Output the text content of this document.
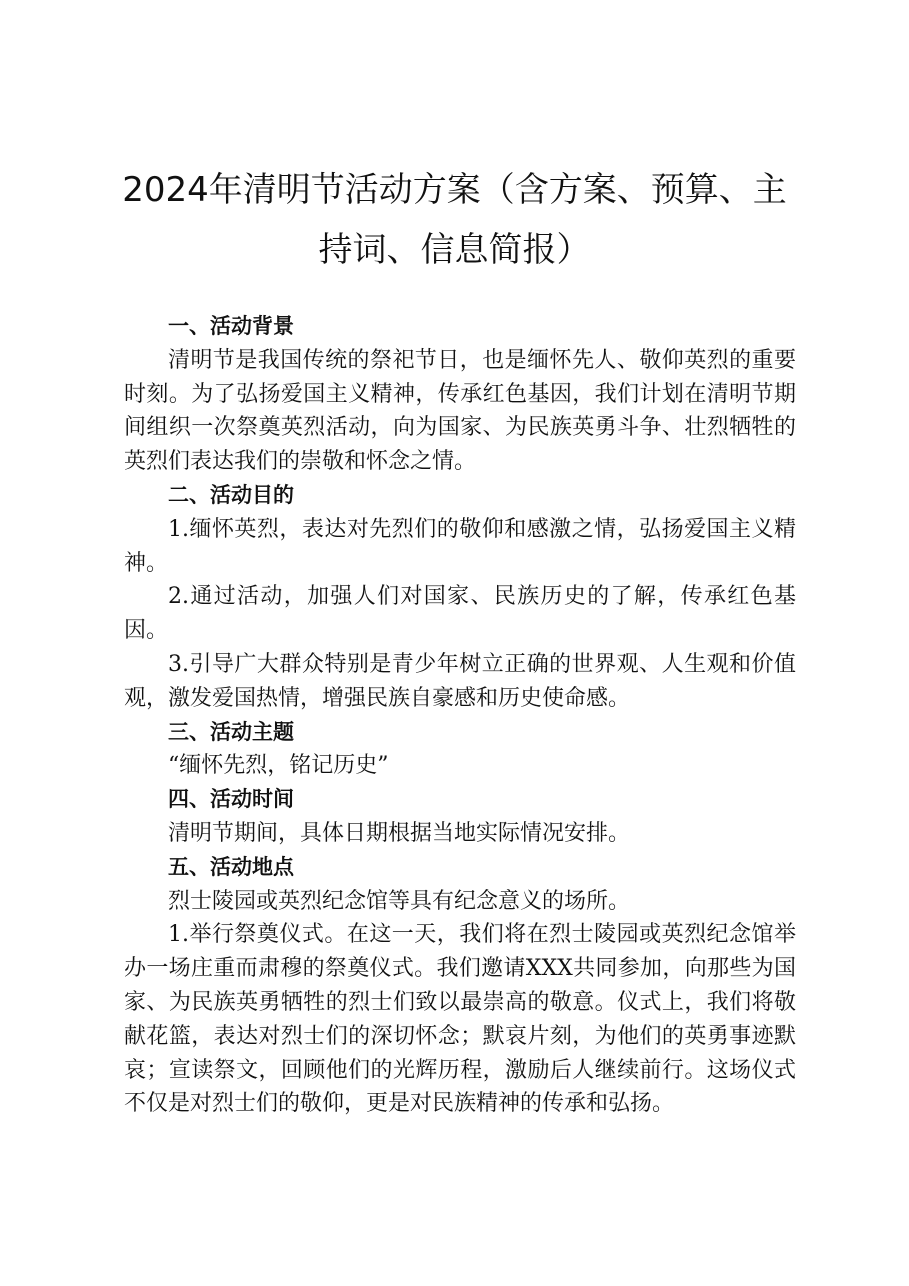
2024年清明节活动方案（含方案、预算、主
持词、信息简报）

一、活动背景

清明节是我国传统的祭祀节日，也是缅怀先人、敬仰英烈的重要时刻。为了弘扬爱国主义精神，传承红色基因，我们计划在清明节期间组织一次祭奠英烈活动，向为国家、为民族英勇斗争、壮烈牺牲的英烈们表达我们的崇敬和怀念之情。

二、活动目的

1.缅怀英烈，表达对先烈们的敬仰和感激之情，弘扬爱国主义精神。

2.通过活动，加强人们对国家、民族历史的了解，传承红色基因。

3.引导广大群众特别是青少年树立正确的世界观、人生观和价值观，激发爱国热情，增强民族自豪感和历史使命感。

三、活动主题

“缅怀先烈，铭记历史”

四、活动时间

清明节期间，具体日期根据当地实际情况安排。

五、活动地点

烈士陵园或英烈纪念馆等具有纪念意义的场所。

1.举行祭奠仪式。在这一天，我们将在烈士陵园或英烈纪念馆举办一场庄重而肃穆的祭奠仪式。我们邀请XXX共同参加，向那些为国家、为民族英勇牺牲的烈士们致以最崇高的敬意。仪式上，我们将敬献花篮，表达对烈士们的深切怀念；默哀片刻，为他们的英勇事迹默哀；宣读祭文，回顾他们的光辉历程，激励后人继续前行。这场仪式不仅是对烈士们的敬仰，更是对民族精神的传承和弘扬。
